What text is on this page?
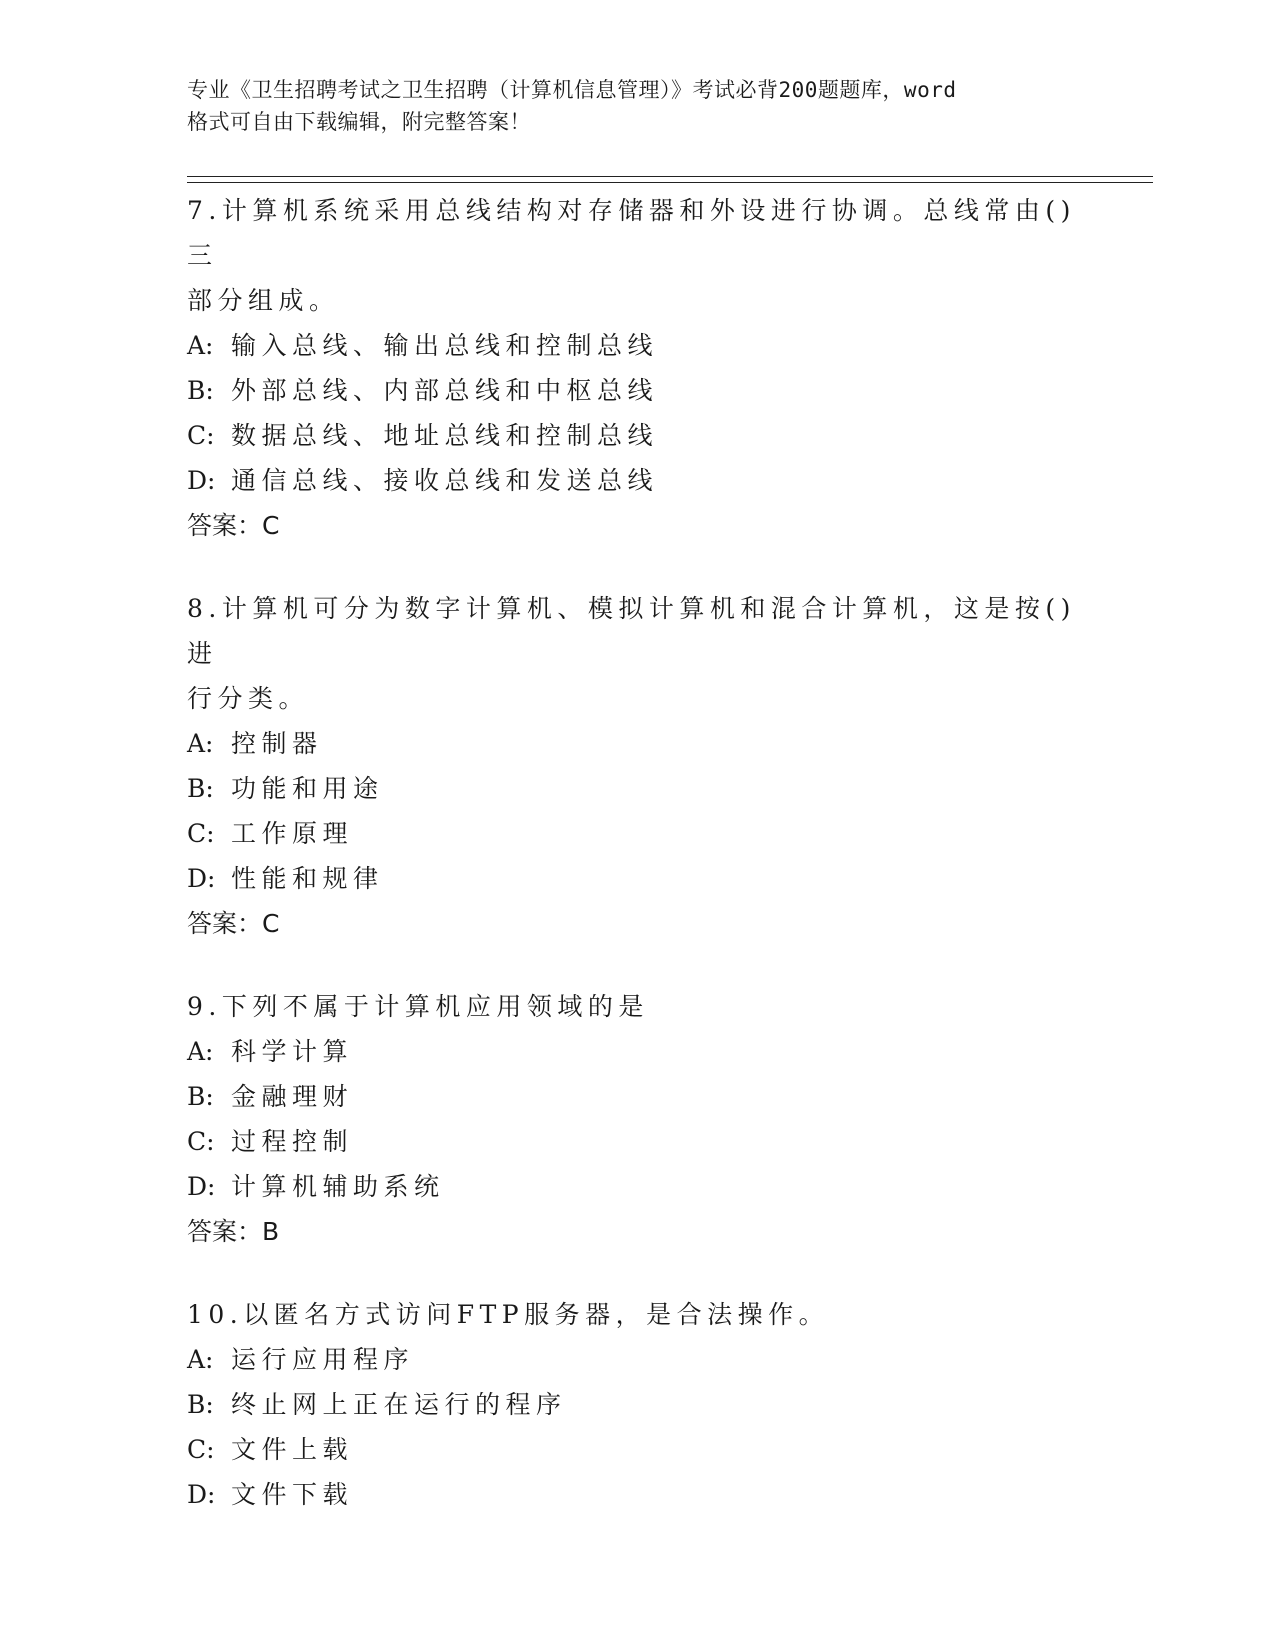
专业《卫生招聘考试之卫生招聘（计算机信息管理）》考试必背200题题库，word
格式可自由下载编辑，附完整答案！

7.计算机系统采用总线结构对存储器和外设进行协调。总线常由()三

部分组成。

A: 输入总线、输出总线和控制总线

B: 外部总线、内部总线和中枢总线

C: 数据总线、地址总线和控制总线

D: 通信总线、接收总线和发送总线

答案：C

8.计算机可分为数字计算机、模拟计算机和混合计算机，这是按()进

行分类。

A: 控制器

B: 功能和用途

C: 工作原理

D: 性能和规律

答案：C

9.下列不属于计算机应用领域的是

A: 科学计算

B: 金融理财

C: 过程控制

D: 计算机辅助系统

答案：B

10.以匿名方式访问FTP服务器，是合法操作。

A: 运行应用程序

B: 终止网上正在运行的程序

C: 文件上载

D: 文件下载
